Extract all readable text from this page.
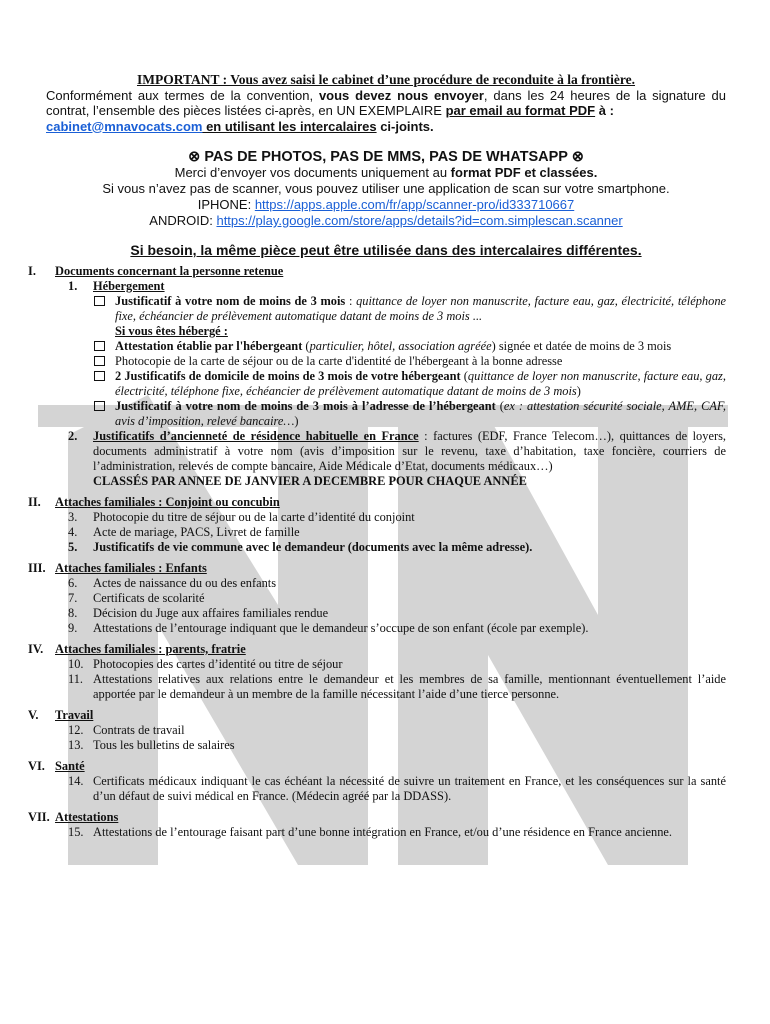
IMPORTANT : Vous avez saisi le cabinet d’une procédure de reconduite à la frontière.
Conformément aux termes de la convention, vous devez nous envoyer, dans les 24 heures de la signature du contrat, l’ensemble des pièces listées ci-après, en UN EXEMPLAIRE par email au format PDF à :
cabinet@mnavocats.com en utilisant les intercalaires ci-joints.
⊗ PAS DE PHOTOS, PAS DE MMS, PAS DE WHATSAPP ⊗
Merci d’envoyer vos documents uniquement au format PDF et classées.
Si vous n’avez pas de scanner, vous pouvez utiliser une application de scan sur votre smartphone.
IPHONE: https://apps.apple.com/fr/app/scanner-pro/id333710667
ANDROID: https://play.google.com/store/apps/details?id=com.simplescan.scanner
Si besoin, la même pièce peut être utilisée dans des intercalaires différentes.
I.	Documents concernant la personne retenue
1.	Hébergement
Justificatif à votre nom de moins de 3 mois : quittance de loyer non manuscrite, facture eau, gaz, électricité, téléphone fixe, échéancier de prélèvement automatique datant de moins de 3 mois ...
Si vous êtes hébergé :
Attestation établie par l'hébergeant (particulier, hôtel, association agréée) signée et datée de moins de 3 mois
Photocopie de la carte de séjour ou de la carte d'identité de l'hébergeant à la bonne adresse
2 Justificatifs de domicile de moins de 3 mois de votre hébergeant (quittance de loyer non manuscrite, facture eau, gaz, électricité, téléphone fixe, échéancier de prélèvement automatique datant de moins de 3 mois)
Justificatif à votre nom de moins de 3 mois à l’adresse de l’hébergeant (ex : attestation sécurité sociale, AME, CAF, avis d’imposition, relevé bancaire…)
2.	Justificatifs d’ancienneté de résidence habituelle en France : factures (EDF, France Telecom…), quittances de loyers, documents administratif à votre nom (avis d’imposition sur le revenu, taxe d’habitation, taxe foncière, courriers de l’administration, relevés de compte bancaire, Aide Médicale d’Etat, documents médicaux…)
CLASSÉS PAR ANNEE DE JANVIER A DECEMBRE POUR CHAQUE ANNÉE
II.	Attaches familiales : Conjoint ou concubin
3.	Photocopie du titre de séjour ou de la carte d’identité du conjoint
4.	Acte de mariage, PACS, Livret de famille
5.	Justificatifs de vie commune avec le demandeur (documents avec la même adresse).
III. Attaches familiales : Enfants
6.	Actes de naissance du ou des enfants
7.	Certificats de scolarité
8.	Décision du Juge aux affaires familiales rendue
9.	Attestations de l’entourage indiquant que le demandeur s’occupe de son enfant (école par exemple).
IV. Attaches familiales : parents, fratrie
10. Photocopies des cartes d’identité ou titre de séjour
11. Attestations relatives aux relations entre le demandeur et les membres de sa famille, mentionnant éventuellement l’aide apportée par le demandeur à un membre de la famille nécessitant l’aide d’une tierce personne.
V.	Travail
12. Contrats de travail
13. Tous les bulletins de salaires
VI. Santé
14. Certificats médicaux indiquant le cas échéant la nécessité de suivre un traitement en France, et les conséquences sur la santé d’un défaut de suivi médical en France. (Médecin agréé par la DDASS).
VII. Attestations
15. Attestations de l’entourage faisant part d’une bonne intégration en France, et/ou d’une résidence en France ancienne.
